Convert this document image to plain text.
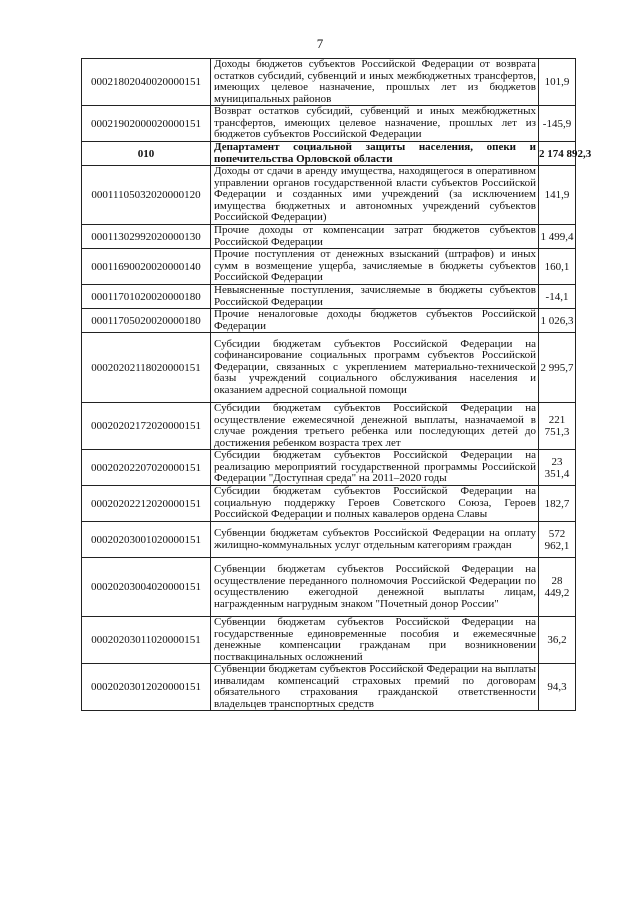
7
00021802040020000151	Доходы бюджетов субъектов Российской Федерации от возврата остатков субсидий, субвенций и иных межбюджетных трансфертов, имеющих целевое назначение, прошлых лет из бюджетов муниципальных районов	101,9
00021902000020000151	Возврат остатков субсидий, субвенций и иных межбюджетных трансфертов, имеющих целевое назначение, прошлых лет из бюджетов субъектов Российской Федерации	-145,9
010	Департамент социальной защиты населения, опеки и попечительства Орловской области	2 174 892,3
00011105032020000120	Доходы от сдачи в аренду имущества, находящегося в оперативном управлении органов государственной власти субъектов Российской Федерации и созданных ими учреждений (за исключением имущества бюджетных и автономных учреждений субъектов Российской Федерации)	141,9
00011302992020000130	Прочие доходы от компенсации затрат бюджетов субъектов Российской Федерации	1 499,4
00011690020020000140	Прочие поступления от денежных взысканий (штрафов) и иных сумм в возмещение ущерба, зачисляемые в бюджеты субъектов Российской Федерации	160,1
00011701020020000180	Невыясненные поступления, зачисляемые в бюджеты субъектов Российской Федерации	-14,1
00011705020020000180	Прочие неналоговые доходы бюджетов субъектов Российской Федерации	1 026,3
00020202118020000151	Субсидии бюджетам субъектов Российской Федерации на софинансирование социальных программ субъектов Российской Федерации, связанных с укреплением материально-технической базы учреждений социального обслуживания населения и оказанием адресной социальной помощи	2 995,7
00020202172020000151	Субсидии бюджетам субъектов Российской Федерации на осуществление ежемесячной денежной выплаты, назначаемой в случае рождения третьего ребенка или последующих детей до достижения ребенком возраста трех лет	221 751,3
00020202207020000151	Субсидии бюджетам субъектов Российской Федерации на реализацию мероприятий государственной программы Российской Федерации "Доступная среда" на 2011–2020 годы	23 351,4
00020202212020000151	Субсидии бюджетам субъектов Российской Федерации на социальную поддержку Героев Советского Союза, Героев Российской Федерации и полных кавалеров ордена Славы	182,7
00020203001020000151	Субвенции бюджетам субъектов Российской Федерации на оплату жилищно-коммунальных услуг отдельным категориям граждан	572 962,1
00020203004020000151	Субвенции бюджетам субъектов Российской Федерации на осуществление переданного полномочия Российской Федерации по осуществлению ежегодной денежной выплаты лицам, награжденным нагрудным знаком "Почетный донор России"	28 449,2
00020203011020000151	Субвенции бюджетам субъектов Российской Федерации на государственные единовременные пособия и ежемесячные денежные компенсации гражданам при возникновении поствакцинальных осложнений	36,2
00020203012020000151	Субвенции бюджетам субъектов Российской Федерации на выплаты инвалидам компенсаций страховых премий по договорам обязательного страхования гражданской ответственности владельцев транспортных средств	94,3
